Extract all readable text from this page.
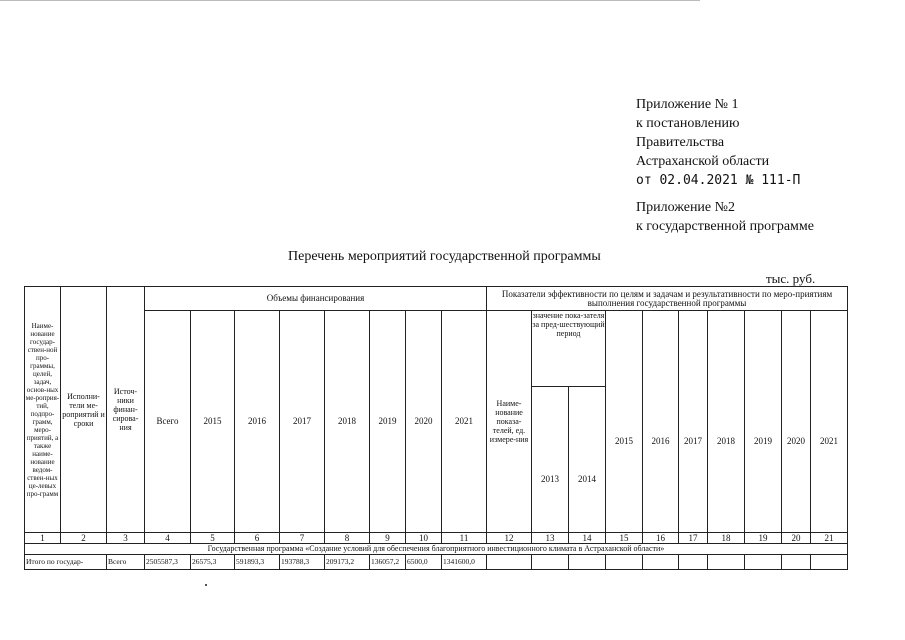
Приложение № 1
к постановлению
Правительства
Астраханской области
от 02.04.2021 № 111-П
Приложение №2
к государственной программе
Перечень мероприятий государственной программы
тыс. руб.
Наиме-нование государ-ствен-ной про-граммы, целей, задач, основ-ных ме-роприя-тий, подпро-грамм, меро-приятий, а также наиме-нование ведом-ствен-ных це-левых про-грамм	Исполни-тели ме-роприятий и сроки	Источ-ники финан-сирова-ния	Объемы финансирования								Показатели эффективности по целям и задачам и результативности по меро-приятиям выполнения государственной программы									
			Всего	2015	2016	2017	2018	2019	2020	2021	Наиме-нование показа-телей, ед. измере-ния	значение пока-зателя за пред-шествующий период		2015	2016	2017	2018	2019	2020	2021
												2013	2014							
1	2	3	4	5	6	7	8	9	10	11	12	13	14	15	16	17	18	19	20	21
Государственная программа «Создание условий для обеспечения благоприятного инвестиционного климата в Астраханской области»																				
Итого по государ-		Всего	2505587,3	26575,3	591893,3	193788,3	209173,2	136057,2	6500,0	1341600,0										
